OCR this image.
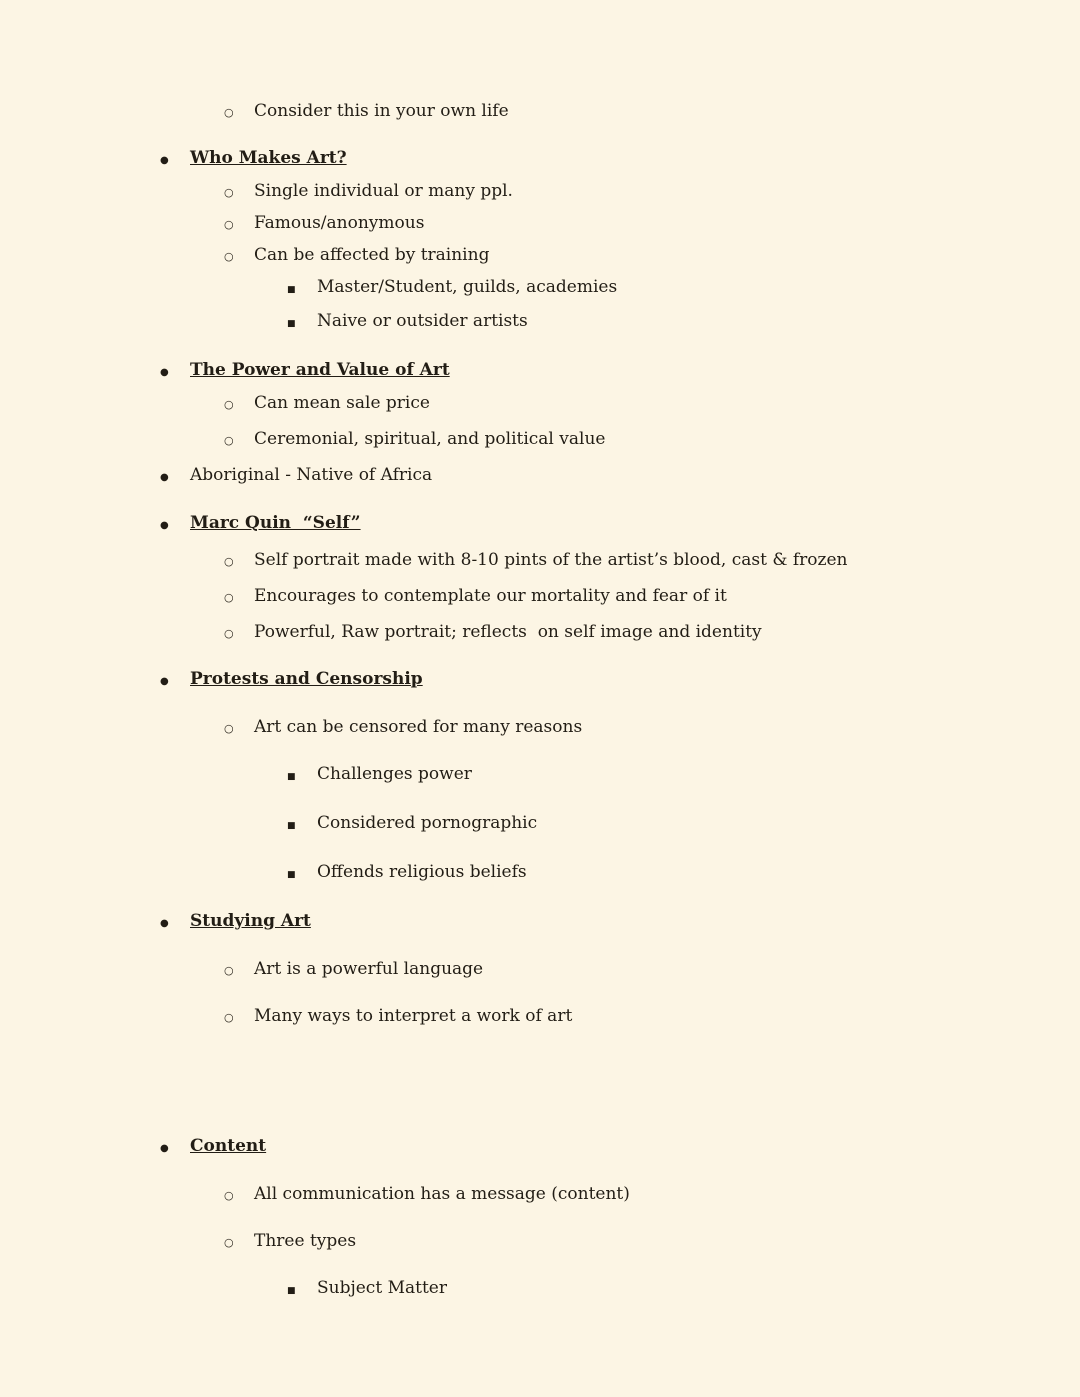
○	Consider this in your own life
●	Who Makes Art?
○	Single individual or many ppl.
○	Famous/anonymous
○	Can be affected by training
■	Master/Student, guilds, academies
■	Naive or outsider artists
●	The Power and Value of Art
○	Can mean sale price
○	Ceremonial, spiritual, and political value
●	Aboriginal - Native of Africa
●	Marc Quin  “Self”
○	Self portrait made with 8-10 pints of the artist’s blood, cast & frozen
○	Encourages to contemplate our mortality and fear of it
○	Powerful, Raw portrait; reflects  on self image and identity
●	Protests and Censorship
○	Art can be censored for many reasons
■	Challenges power
■	Considered pornographic
■	Offends religious beliefs
●	Studying Art
○	Art is a powerful language
○	Many ways to interpret a work of art
●	Content
○	All communication has a message (content)
○	Three types
■	Subject Matter
